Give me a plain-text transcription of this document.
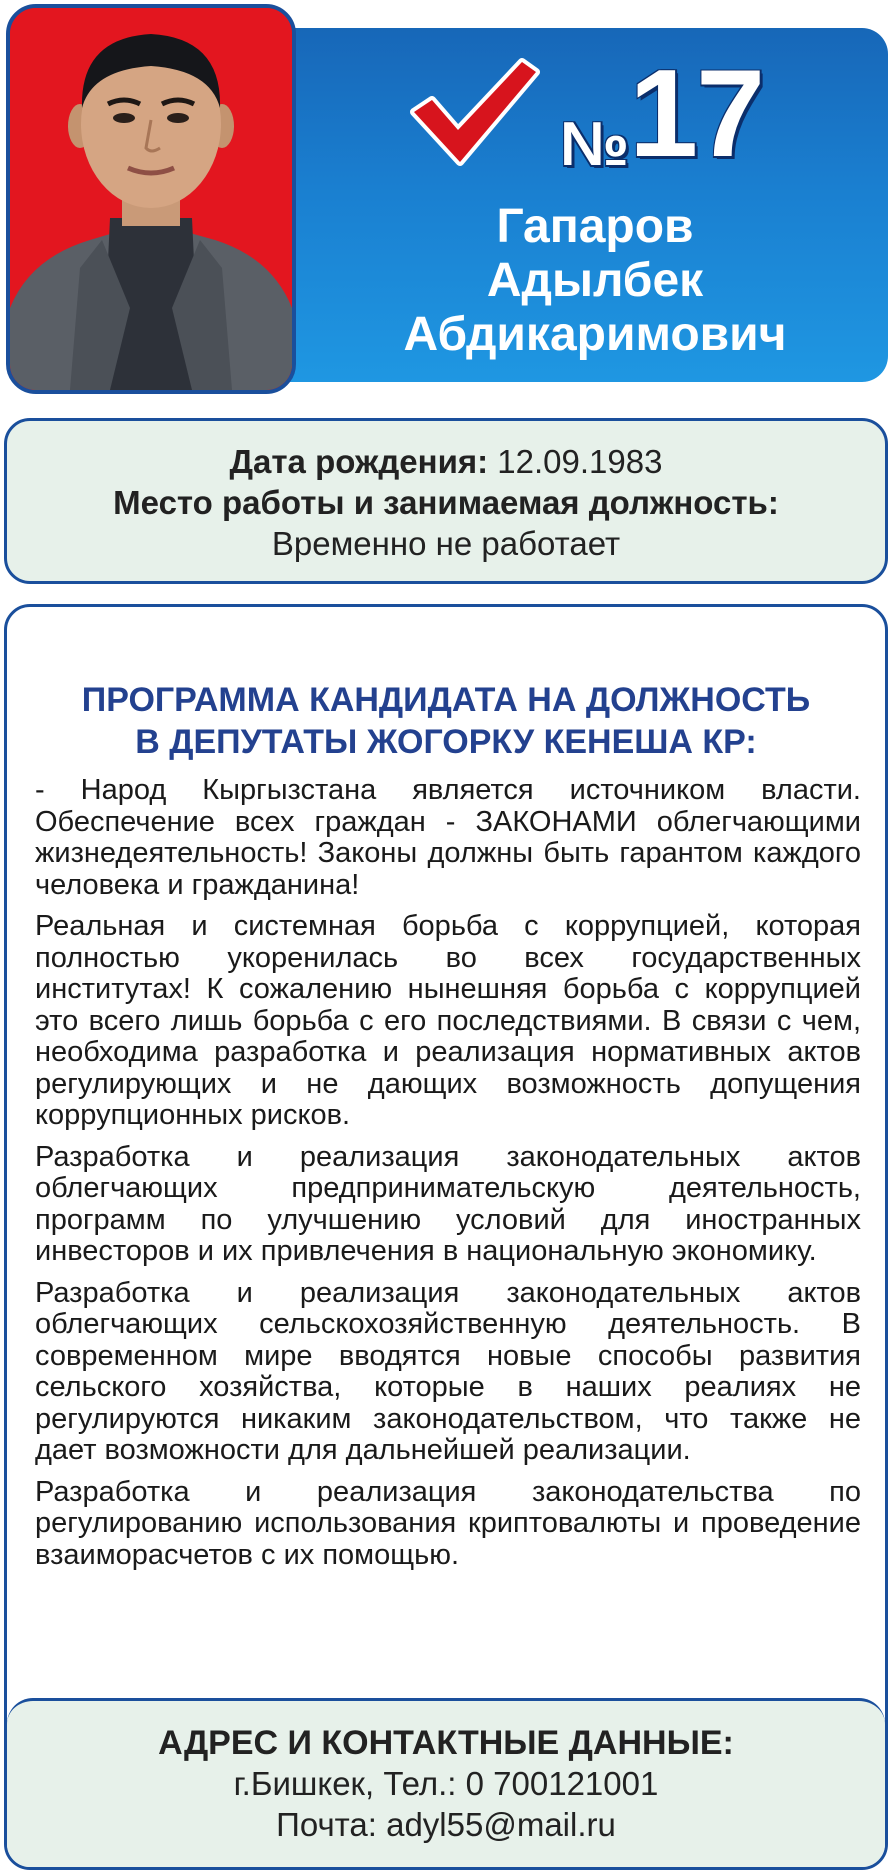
№17
Гапаров
Адылбек
Абдикаримович
Дата рождения: 12.09.1983
Место работы и занимаемая должность:
Временно не работает
ПРОГРАММА КАНДИДАТА НА ДОЛЖНОСТЬ
В ДЕПУТАТЫ ЖОГОРКУ КЕНЕША КР:

- Народ Кыргызстана является источником власти. Обеспечение всех граждан - ЗАКОНАМИ облегчающими жизнедеятельность! Законы должны быть гарантом каждого человека и гражданина!

Реальная и системная борьба с коррупцией, которая полностью укоренилась во всех государственных институтах! К сожалению нынешняя борьба с коррупцией это всего лишь борьба с его последствиями. В связи с чем, необходима разработка и реализация нормативных актов регулирующих и не дающих возможность допущения коррупционных рисков.

Разработка и реализация законодательных актов облегчающих предпринимательскую деятельность, программ по улучшению условий для иностранных инвесторов и их привлечения в национальную экономику.

Разработка и реализация законодательных актов облегчающих сельскохозяйственную деятельность. В современном мире вводятся новые способы развития сельского хозяйства, которые в наших реалиях не регулируются никаким законодательством, что также не дает возможности для дальнейшей реализации.

Разработка и реализация законодательства по регулированию использования криптовалюты и проведение взаиморасчетов с их помощью.

АДРЕС И КОНТАКТНЫЕ ДАННЫЕ:
г.Бишкек, Тел.: 0 700121001
Почта: adyl55@mail.ru
